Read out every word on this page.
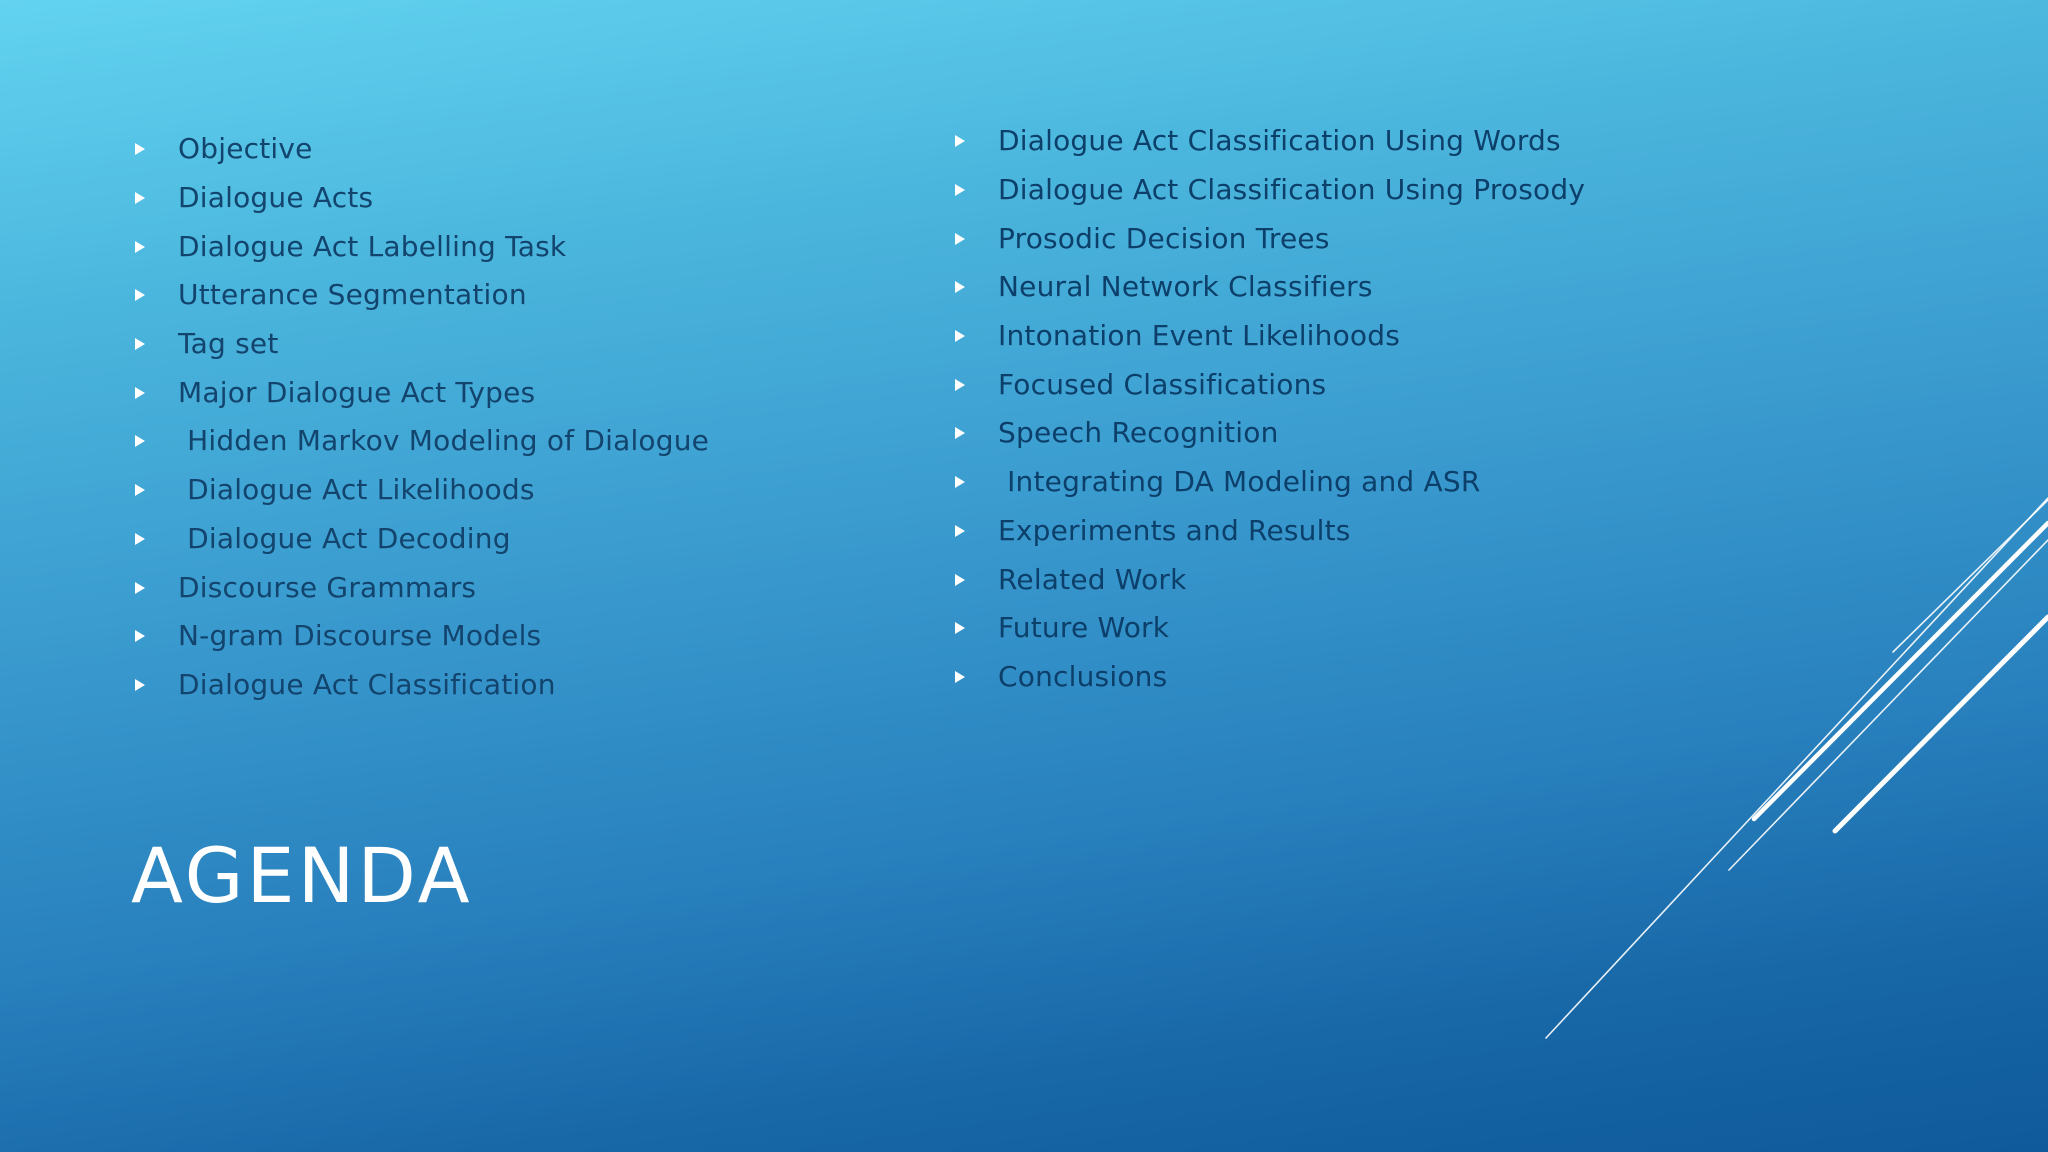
Objective
Dialogue Acts
Dialogue Act Labelling Task
Utterance Segmentation
Tag set
Major Dialogue Act Types
Hidden Markov Modeling of Dialogue
Dialogue Act Likelihoods
Dialogue Act Decoding
Discourse Grammars
N-gram Discourse Models
Dialogue Act Classification
Dialogue Act Classification Using Words
Dialogue Act Classification Using Prosody
Prosodic Decision Trees
Neural Network Classifiers
Intonation Event Likelihoods
Focused Classifications
Speech Recognition
Integrating DA Modeling and ASR
Experiments and Results
Related Work
Future Work
Conclusions
AGENDA
